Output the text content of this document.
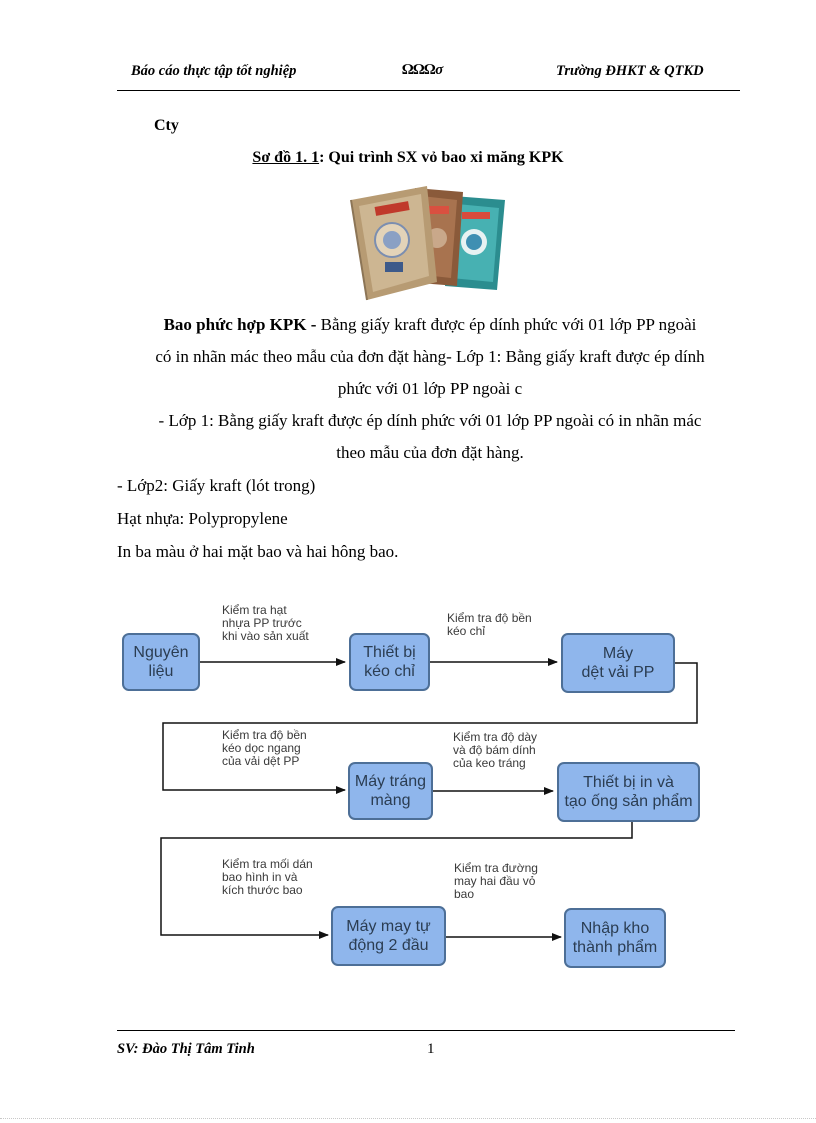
Báo cáo thực tập tốt nghiệp	ΩΩΩσ	Trường ĐHKT & QTKD
Cty
Sơ đồ 1. 1: Qui trình SX vỏ bao xi măng KPK
Bao phức hợp KPK - Bằng giấy kraft được ép dính phức với 01 lớp PP ngoài
có in nhãn mác theo mẫu của đơn đặt hàng- Lớp 1: Bằng giấy kraft được ép dính
phức với 01 lớp PP ngoài c
- Lớp 1: Bằng giấy kraft được ép dính phức với 01 lớp PP ngoài có in nhãn mác
theo mẫu của đơn đặt hàng.
- Lớp2: Giấy kraft (lót trong)
Hạt nhựa: Polypropylene
In ba màu ở hai mặt bao và hai hông bao.
Nguyên
liệu
Thiết bị
kéo chỉ
Máy
dệt vải PP
Máy tráng
màng
Thiết bị in và
tạo ống sản phẩm
Máy may tự
động 2 đầu
Nhập kho
thành phẩm
Kiểm tra hạt
nhựa PP trước
khi vào sản xuất
Kiểm tra độ bền
kéo chỉ
Kiểm tra độ bền
kéo dọc ngang
của vải dệt PP
Kiểm tra độ dày
và độ bám dính
của keo tráng
Kiểm tra mối dán
bao hình in và
kích thước bao
Kiểm tra đường
may hai đầu vỏ
bao
SV: Đào Thị Tâm Tinh	1
